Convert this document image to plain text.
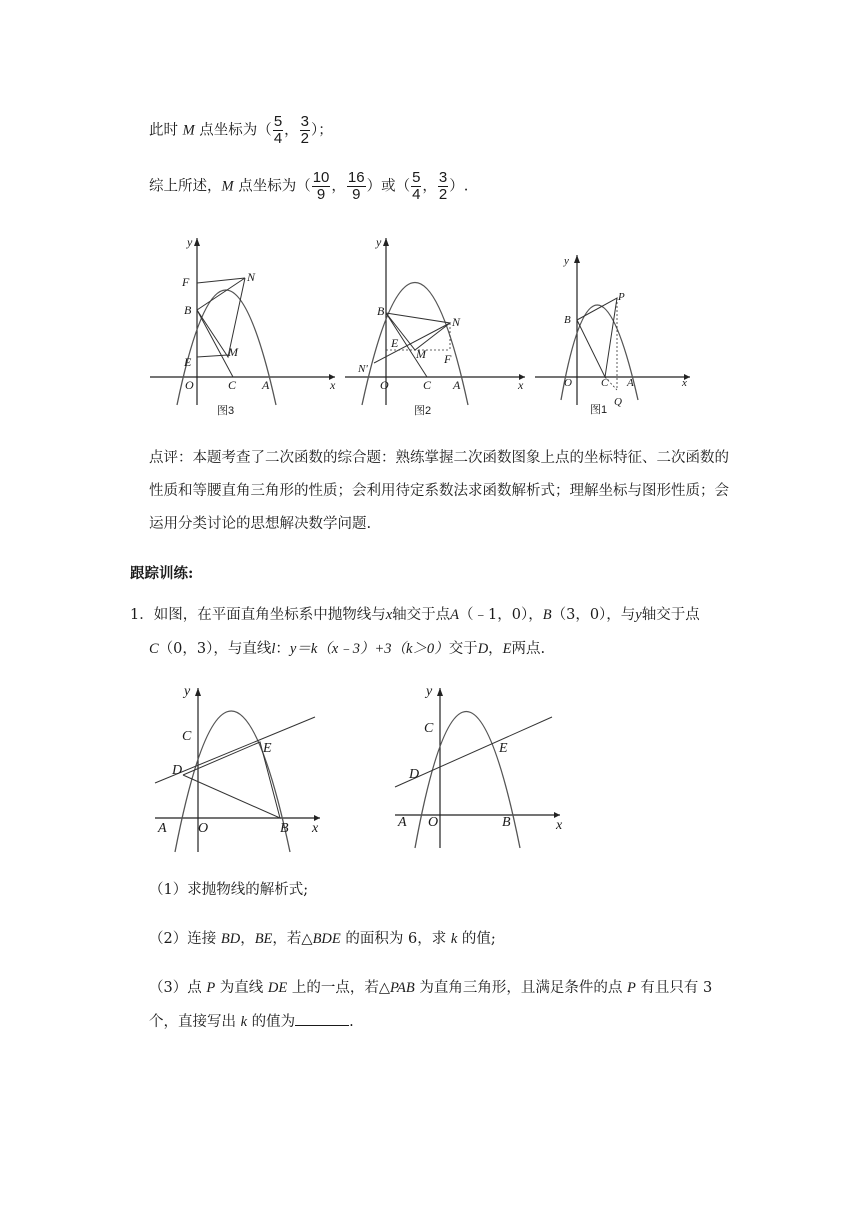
此时 M 点坐标为（ $\frac{5}{4}$ ， $\frac{3}{2}$ ）；
综上所述，M 点坐标为（ $\frac{10}{9}$ ， $\frac{16}{9}$ ）或（ $\frac{5}{4}$ ， $\frac{3}{2}$ ）.
F	N
B
E
M
O	C A	x
y
图3
B
N
E
M F
N'
O	C A	x
y
图2
y
B
P
O	C A	x
Q
图1
点评：本题考查了二次函数的综合题：熟练掌握二次函数图象上点的坐标特征、二次函数的性质和等腰直角三角形的性质；会利用待定系数法求函数解析式；理解坐标与图形性质；会运用分类讨论的思想解决数学问题.
跟踪训练:
1．如图，在平面直角坐标系中抛物线与x轴交于点A（﹣1，0），B（3，0），与y轴交于点
C（0，3），与直线l：y＝k（x﹣3）+3（k＞0）交于D，E两点.
y
C
D
E
A O	B x
y
C
D
E
A O	B	x
（1）求抛物线的解析式;
（2）连接 BD，BE，若△BDE 的面积为 6，求 k 的值;
（3）点 P 为直线 DE 上的一点，若△PAB 为直角三角形，且满足条件的点 P 有且只有 3 个，直接写出 k 的值为	.
